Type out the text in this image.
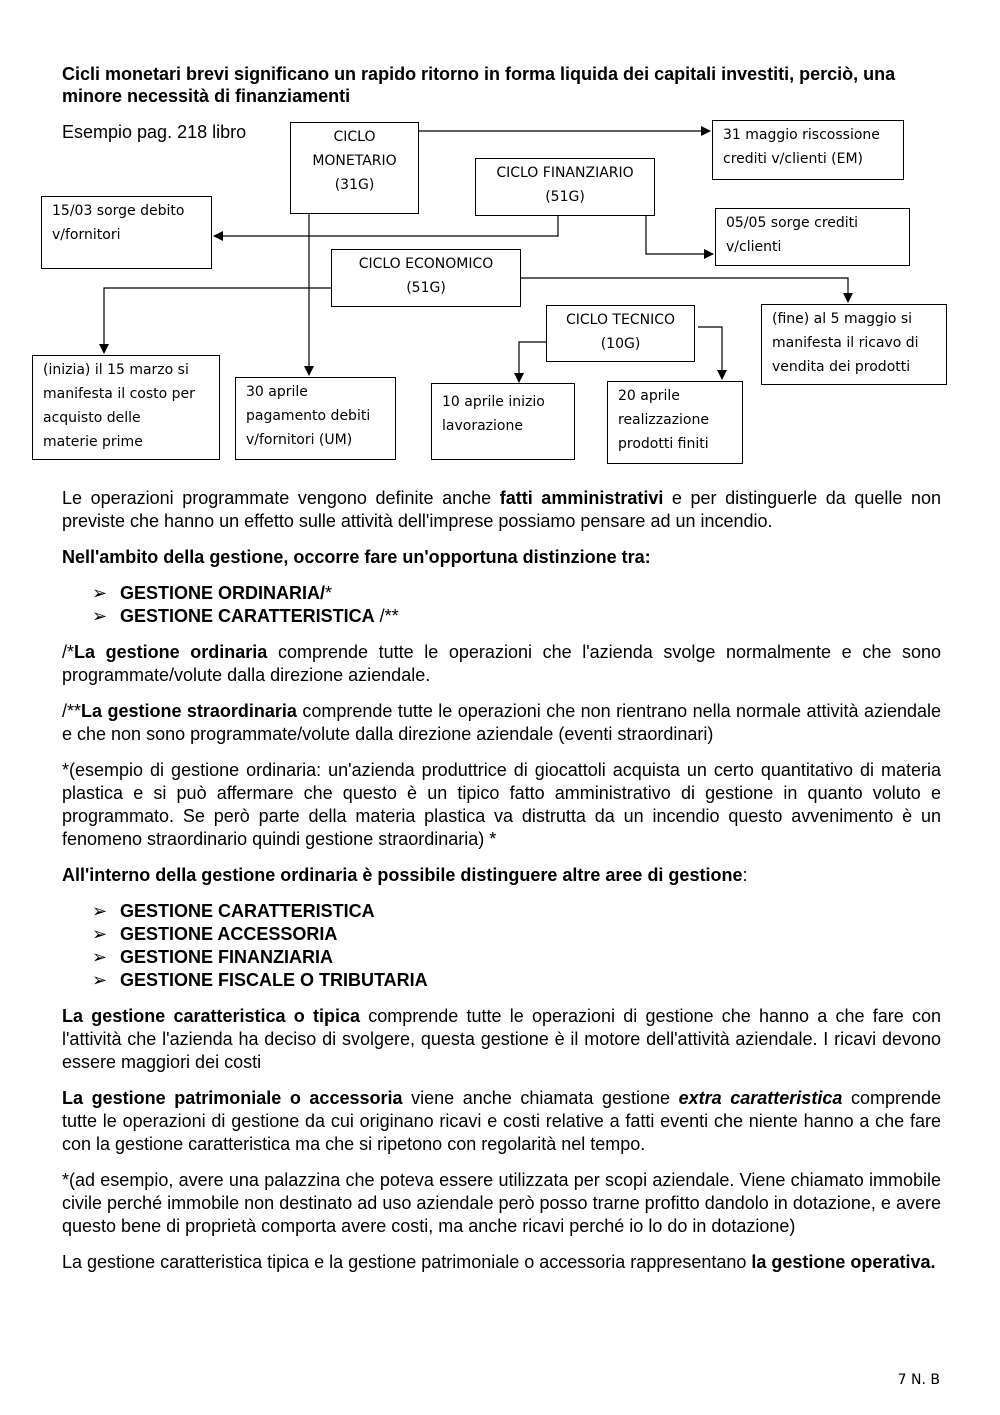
Cicli monetari brevi significano un rapido ritorno in forma liquida dei capitali investiti, perciò, una minore necessità di finanziamenti
Esempio pag. 218 libro	CICLO
MONETARIO
(31G)
31 maggio riscossione
crediti v/clienti (EM)
CICLO FINANZIARIO
(51G)
15/03 sorge debito
v/fornitori
05/05 sorge crediti
v/clienti
CICLO ECONOMICO
(51G)
CICLO TECNICO
(10G)
(fine) al 5 maggio si
manifesta il ricavo di
vendita dei prodotti
(inizia) il 15 marzo si
manifesta il costo per
acquisto delle
materie prime
30 aprile
pagamento debiti
v/fornitori (UM)
10 aprile inizio
lavorazione
20 aprile
realizzazione
prodotti finiti

Le operazioni programmate vengono definite anche fatti amministrativi e per distinguerle da quelle non previste che hanno un effetto sulle attività dell'imprese possiamo pensare ad un incendio.

Nell'ambito della gestione, occorre fare un'opportuna distinzione tra:

➢ GESTIONE ORDINARIA/*
➢ GESTIONE CARATTERISTICA /**

/*La gestione ordinaria comprende tutte le operazioni che l'azienda svolge normalmente e che sono programmate/volute dalla direzione aziendale.

/**La gestione straordinaria comprende tutte le operazioni che non rientrano nella normale attività aziendale e che non sono programmate/volute dalla direzione aziendale (eventi straordinari)

*(esempio di gestione ordinaria: un'azienda produttrice di giocattoli acquista un certo quantitativo di materia plastica e si può affermare che questo è un tipico fatto amministrativo di gestione in quanto voluto e programmato. Se però parte della materia plastica va distrutta da un incendio questo avvenimento è un fenomeno straordinario quindi gestione straordinaria) *

All'interno della gestione ordinaria è possibile distinguere altre aree di gestione:

➢ GESTIONE CARATTERISTICA
➢ GESTIONE ACCESSORIA
➢ GESTIONE FINANZIARIA
➢ GESTIONE FISCALE O TRIBUTARIA

La gestione caratteristica o tipica comprende tutte le operazioni di gestione che hanno a che fare con l'attività che l'azienda ha deciso di svolgere, questa gestione è il motore dell'attività aziendale. I ricavi devono essere maggiori dei costi

La gestione patrimoniale o accessoria viene anche chiamata gestione extra caratteristica comprende tutte le operazioni di gestione da cui originano ricavi e costi relative a fatti eventi che niente hanno a che fare con la gestione caratteristica ma che si ripetono con regolarità nel tempo.

*(ad esempio, avere una palazzina che poteva essere utilizzata per scopi aziendale. Viene chiamato immobile civile perché immobile non destinato ad uso aziendale però posso trarne profitto dandolo in dotazione, e avere questo bene di proprietà comporta avere costi, ma anche ricavi perché io lo do in dotazione)

La gestione caratteristica tipica e la gestione patrimoniale o accessoria rappresentano la gestione operativa.

7 N. B
